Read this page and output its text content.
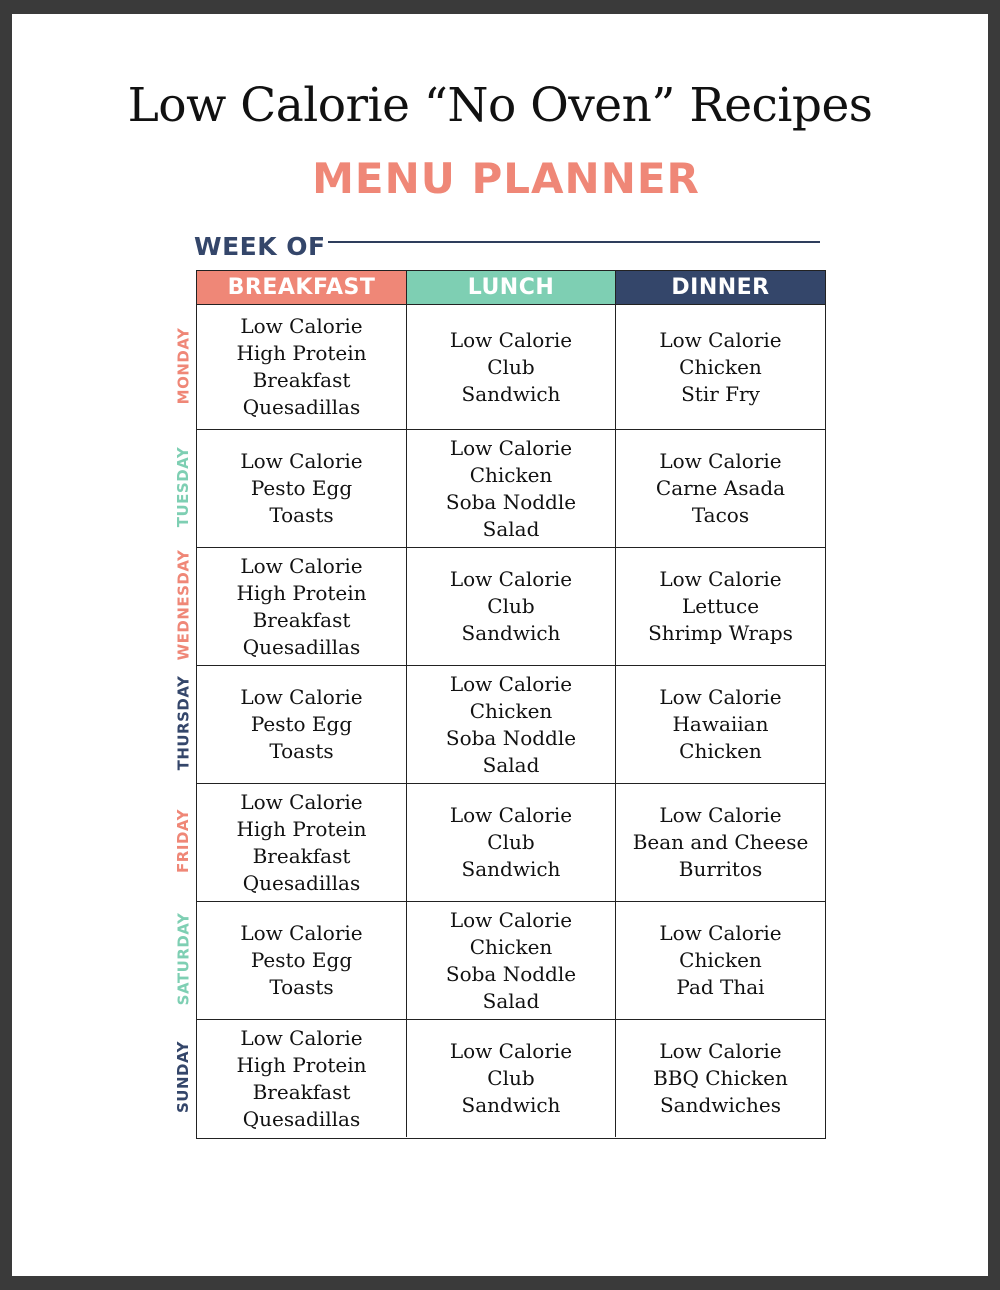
Low Calorie “No Oven” Recipes
MENU PLANNER
WEEK OF
MONDAY
TUESDAY
WEDNESDAY
THURSDAY
FRIDAY
SATURDAY
SUNDAY
BREAKFAST	LUNCH	DINNER
Low Calorie
High Protein
Breakfast
Quesadillas
Low Calorie
Club
Sandwich
Low Calorie
Chicken
Stir Fry
Low Calorie
Pesto Egg
Toasts
Low Calorie
Chicken
Soba Noddle
Salad
Low Calorie
Carne Asada
Tacos
Low Calorie
High Protein
Breakfast
Quesadillas
Low Calorie
Club
Sandwich
Low Calorie
Lettuce
Shrimp Wraps
Low Calorie
Pesto Egg
Toasts
Low Calorie
Chicken
Soba Noddle
Salad
Low Calorie
Hawaiian
Chicken
Low Calorie
High Protein
Breakfast
Quesadillas
Low Calorie
Club
Sandwich
Low Calorie
Bean and Cheese
Burritos
Low Calorie
Pesto Egg
Toasts
Low Calorie
Chicken
Soba Noddle
Salad
Low Calorie
Chicken
Pad Thai
Low Calorie
High Protein
Breakfast
Quesadillas
Low Calorie
Club
Sandwich
Low Calorie
BBQ Chicken
Sandwiches
